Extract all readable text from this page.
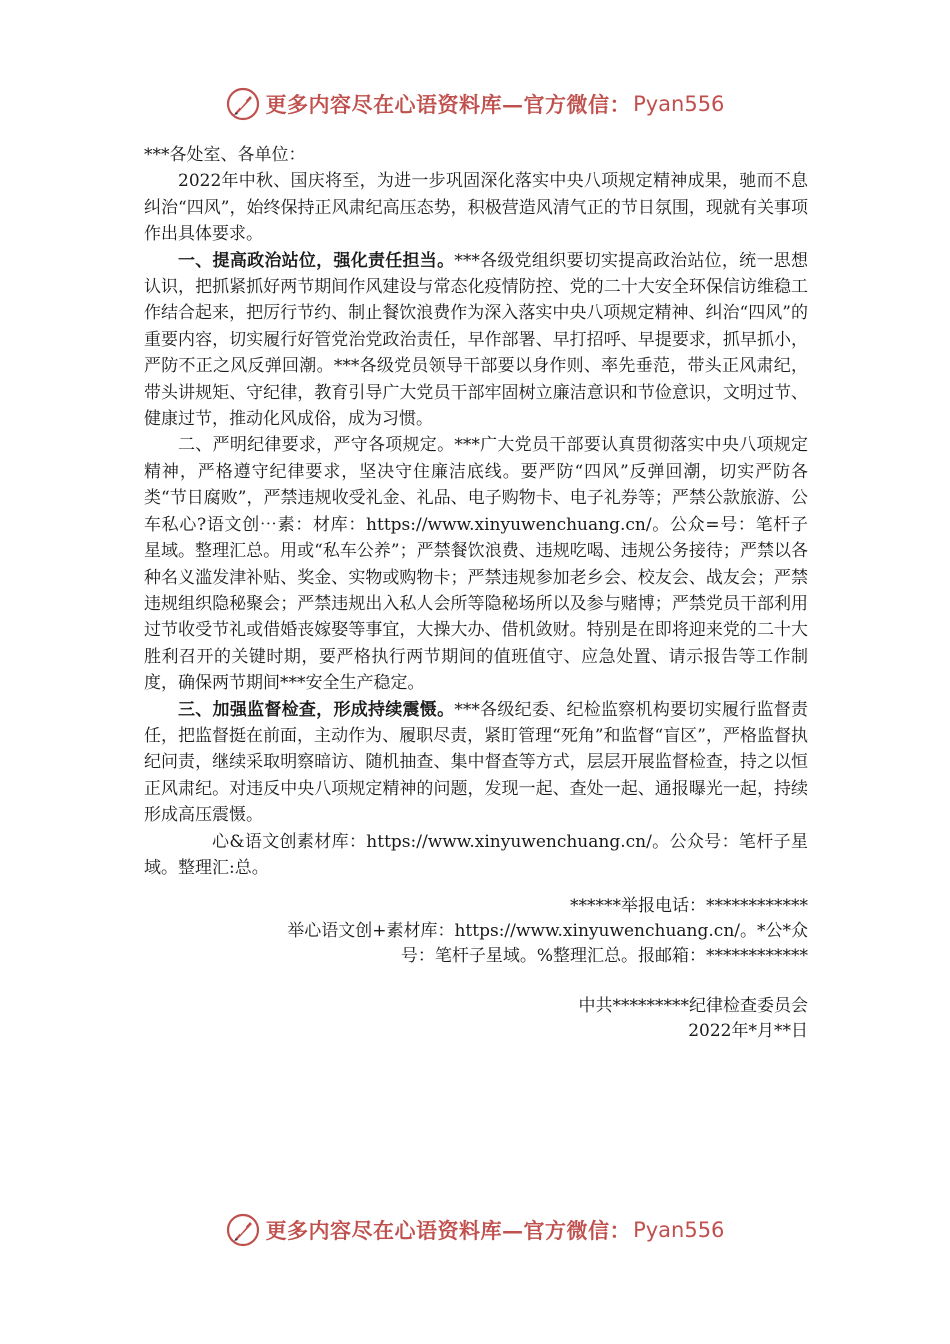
更多内容尽在心语资料库—官方微信： Pyan556

***各处室、各单位：

2022年中秋、国庆将至，为进一步巩固深化落实中央八项规定精神成果，驰而不息纠治“四风”，始终保持正风肃纪高压态势，积极营造风清气正的节日氛围，现就有关事项作出具体要求。

一、提高政治站位，强化责任担当。***各级党组织要切实提高政治站位，统一思想认识，把抓紧抓好两节期间作风建设与常态化疫情防控、党的二十大安全环保信访维稳工作结合起来，把厉行节约、制止餐饮浪费作为深入落实中央八项规定精神、纠治“四风”的重要内容，切实履行好管党治党政治责任，早作部署、早打招呼、早提要求，抓早抓小，严防不正之风反弹回潮。***各级党员领导干部要以身作则、率先垂范，带头正风肃纪，带头讲规矩、守纪律，教育引导广大党员干部牢固树立廉洁意识和节俭意识，文明过节、健康过节，推动化风成俗，成为习惯。

二、严明纪律要求，严守各项规定。***广大党员干部要认真贯彻落实中央八项规定精神，严格遵守纪律要求，坚决守住廉洁底线。要严防“四风”反弹回潮，切实严防各类“节日腐败”，严禁违规收受礼金、礼品、电子购物卡、电子礼券等；严禁公款旅游、公车私心?语文创⋯素：材库：https://www.xinyuwenchuang.cn/。公众=号：笔杆子星域。整理汇总。用或“私车公养”；严禁餐饮浪费、违规吃喝、违规公务接待；严禁以各种名义滥发津补贴、奖金、实物或购物卡；严禁违规参加老乡会、校友会、战友会；严禁违规组织隐秘聚会；严禁违规出入私人会所等隐秘场所以及参与赌博；严禁党员干部利用过节收受节礼或借婚丧嫁娶等事宜，大操大办、借机敛财。特别是在即将迎来党的二十大胜利召开的关键时期，要严格执行两节期间的值班值守、应急处置、请示报告等工作制度，确保两节期间***安全生产稳定。

三、加强监督检查，形成持续震慑。***各级纪委、纪检监察机构要切实履行监督责任，把监督挺在前面，主动作为、履职尽责，紧盯管理“死角”和监督“盲区”，严格监督执纪问责，继续采取明察暗访、随机抽查、集中督查等方式，层层开展监督检查，持之以恒正风肃纪。对违反中央八项规定精神的问题，发现一起、查处一起、通报曝光一起，持续形成高压震慑。

心&语文创素材库：https://www.xinyuwenchuang.cn/。公众号：笔杆子星域。整理汇:总。

******举报电话：************
举心语文创+素材库：https://www.xinyuwenchuang.cn/。*公*众
号：笔杆子星域。%整理汇总。报邮箱：************
中共*********纪律检查委员会
2022年*月**日
更多内容尽在心语资料库—官方微信： Pyan556
